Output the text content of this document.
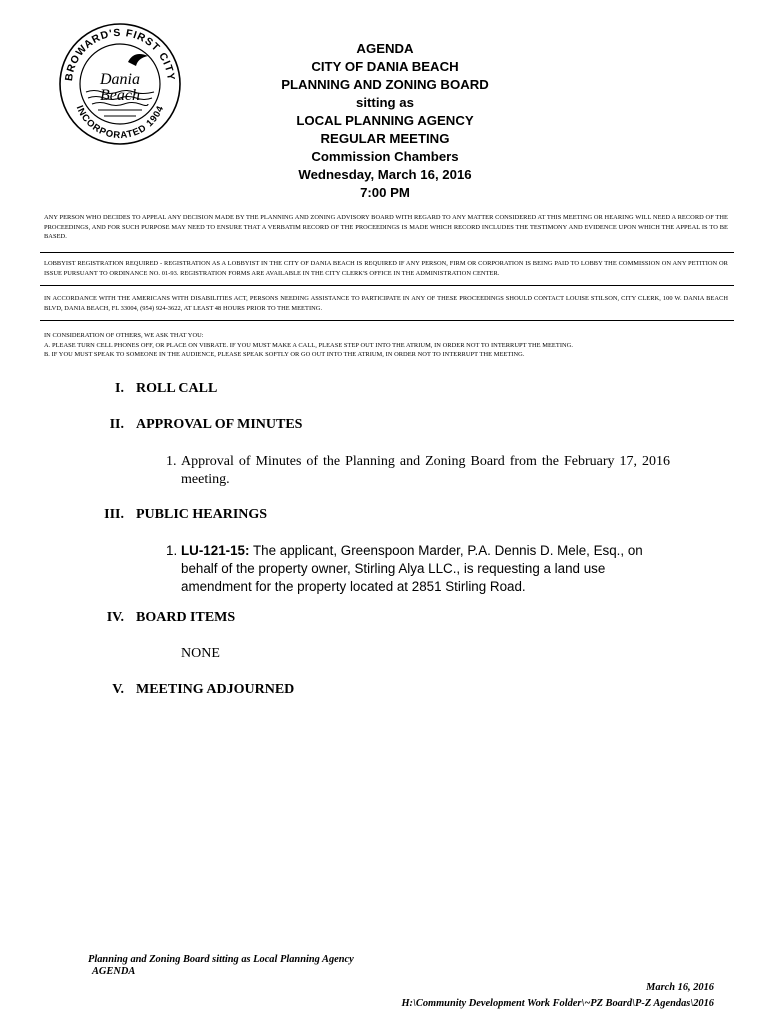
BROWARD'S FIRST CITY
INCORPORATED 1904
Dania
Beach
AGENDA
CITY OF DANIA BEACH
PLANNING AND ZONING BOARD
sitting as
LOCAL PLANNING AGENCY
REGULAR MEETING
Commission Chambers
Wednesday, March 16, 2016
7:00 PM
ANY PERSON WHO DECIDES TO APPEAL ANY DECISION MADE BY THE PLANNING AND ZONING ADVISORY BOARD WITH REGARD TO ANY MATTER CONSIDERED AT THIS MEETING OR HEARING WILL NEED A RECORD OF THE PROCEEDINGS, AND FOR SUCH PURPOSE MAY NEED TO ENSURE THAT A VERBATIM RECORD OF THE PROCEEDINGS IS MADE WHICH RECORD INCLUDES THE TESTIMONY AND EVIDENCE UPON WHICH THE APPEAL IS TO BE BASED.
LOBBYIST REGISTRATION REQUIRED - REGISTRATION AS A LOBBYIST IN THE CITY OF DANIA BEACH IS REQUIRED IF ANY PERSON, FIRM OR CORPORATION IS BEING PAID TO LOBBY THE COMMISSION ON ANY PETITION OR ISSUE PURSUANT TO ORDINANCE NO. 01-93. REGISTRATION FORMS ARE AVAILABLE IN THE CITY CLERK'S OFFICE IN THE ADMINISTRATION CENTER.
IN ACCORDANCE WITH THE AMERICANS WITH DISABILITIES ACT, PERSONS NEEDING ASSISTANCE TO PARTICIPATE IN ANY OF THESE PROCEEDINGS SHOULD CONTACT LOUISE STILSON, CITY CLERK, 100 W. DANIA BEACH BLVD, DANIA BEACH, FL 33004, (954) 924-3622, AT LEAST 48 HOURS PRIOR TO THE MEETING.
IN CONSIDERATION OF OTHERS, WE ASK THAT YOU:
A. PLEASE TURN CELL PHONES OFF, OR PLACE ON VIBRATE. IF YOU MUST MAKE A CALL, PLEASE STEP OUT INTO THE ATRIUM, IN ORDER NOT TO INTERRUPT THE MEETING.
B. IF YOU MUST SPEAK TO SOMEONE IN THE AUDIENCE, PLEASE SPEAK SOFTLY OR GO OUT INTO THE ATRIUM, IN ORDER NOT TO INTERRUPT THE MEETING.
I. ROLL CALL
II. APPROVAL OF MINUTES
1. Approval of Minutes of the Planning and Zoning Board from the February 17, 2016 meeting.
III. PUBLIC HEARINGS
1. LU-121-15: The applicant, Greenspoon Marder, P.A. Dennis D. Mele, Esq., on behalf of the property owner, Stirling Alya LLC., is requesting a land use amendment for the property located at 2851 Stirling Road.
IV. BOARD ITEMS
NONE
V. MEETING ADJOURNED
Planning and Zoning Board sitting as Local Planning Agency
AGENDA
March 16, 2016
H:\Community Development Work Folder\~PZ Board\P-Z Agendas\2016
